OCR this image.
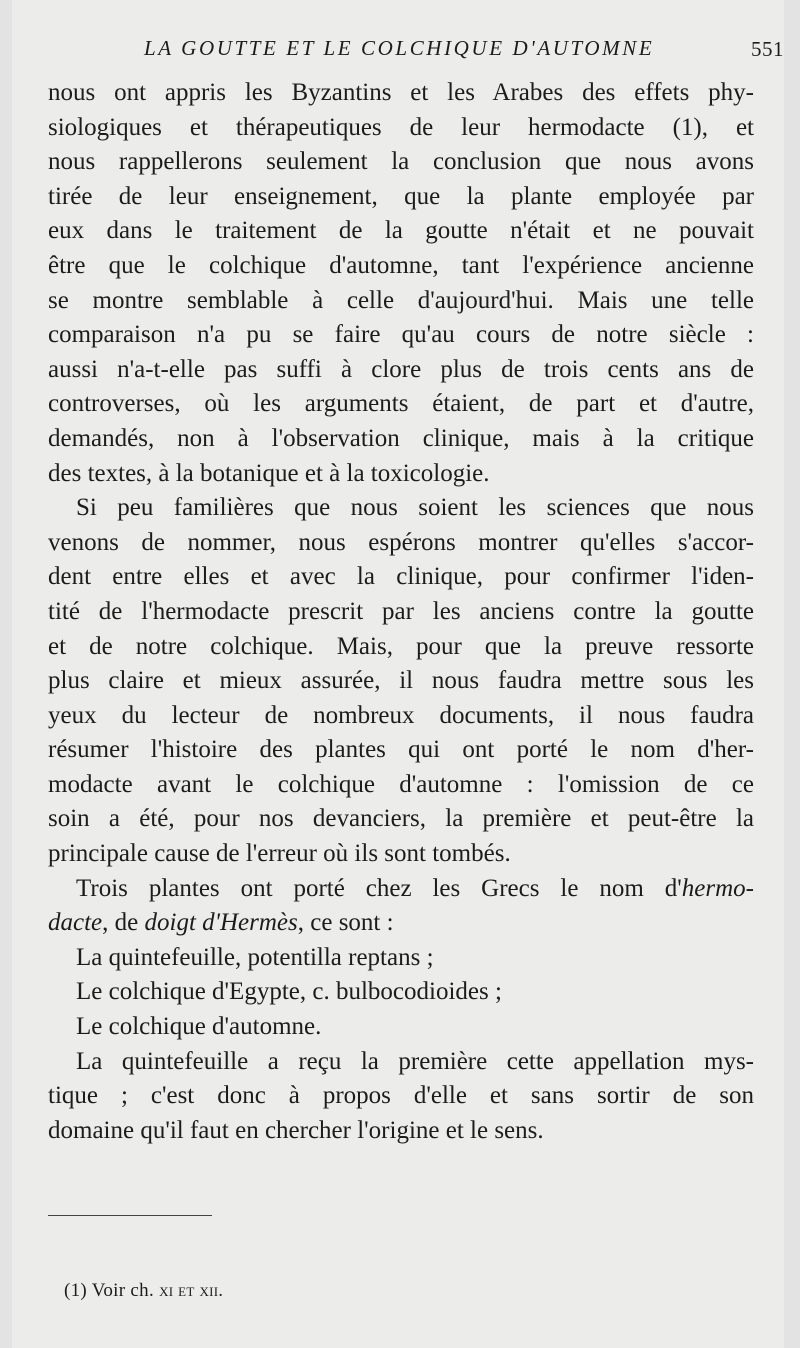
LA GOUTTE ET LE COLCHIQUE D'AUTOMNE	551
nous ont appris les Byzantins et les Arabes des effets phy-
siologiques et thérapeutiques de leur hermodacte (1), et
nous rappellerons seulement la conclusion que nous avons
tirée de leur enseignement, que la plante employée par
eux dans le traitement de la goutte n'était et ne pouvait
être que le colchique d'automne, tant l'expérience ancienne
se montre semblable à celle d'aujourd'hui. Mais une telle
comparaison n'a pu se faire qu'au cours de notre siècle :
aussi n'a-t-elle pas suffi à clore plus de trois cents ans de
controverses, où les arguments étaient, de part et d'autre,
demandés, non à l'observation clinique, mais à la critique
des textes, à la botanique et à la toxicologie.
Si peu familières que nous soient les sciences que nous
venons de nommer, nous espérons montrer qu'elles s'accor-
dent entre elles et avec la clinique, pour confirmer l'iden-
tité de l'hermodacte prescrit par les anciens contre la goutte
et de notre colchique. Mais, pour que la preuve ressorte
plus claire et mieux assurée, il nous faudra mettre sous les
yeux du lecteur de nombreux documents, il nous faudra
résumer l'histoire des plantes qui ont porté le nom d'her-
modacte avant le colchique d'automne : l'omission de ce
soin a été, pour nos devanciers, la première et peut-être la
principale cause de l'erreur où ils sont tombés.
Trois plantes ont porté chez les Grecs le nom d'hermo-
dacte, de doigt d'Hermès, ce sont :
La quintefeuille, potentilla reptans ;
Le colchique d'Egypte, c. bulbocodioides ;
Le colchique d'automne.
La quintefeuille a reçu la première cette appellation mys-
tique ; c'est donc à propos d'elle et sans sortir de son
domaine qu'il faut en chercher l'origine et le sens.
(1) Voir ch. xi et xii.
